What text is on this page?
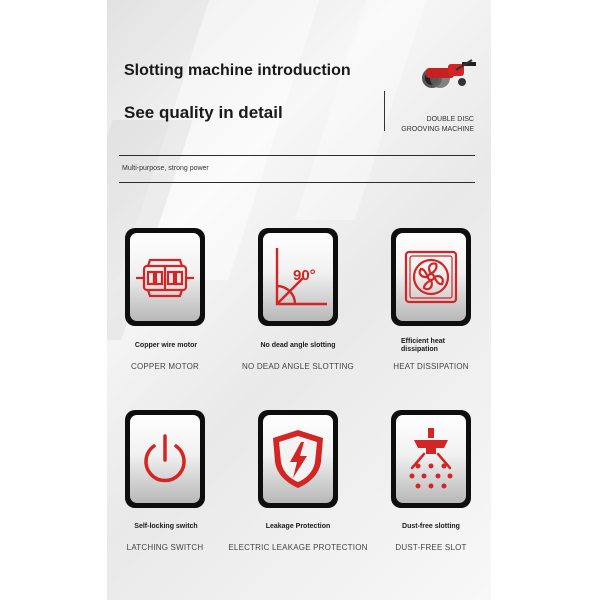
Slotting machine introduction
See quality in detail	DOUBLE DISC
GROOVING MACHINE
Multi-purpose, strong power
Copper wire motor
COPPER MOTOR
90°
No dead angle slotting
NO DEAD ANGLE SLOTTING
Efficient heat
dissipation
HEAT DISSIPATION
Self-locking switch
LATCHING SWITCH
Leakage Protection
ELECTRIC LEAKAGE PROTECTION
Dust-free slotting
DUST-FREE SLOT
